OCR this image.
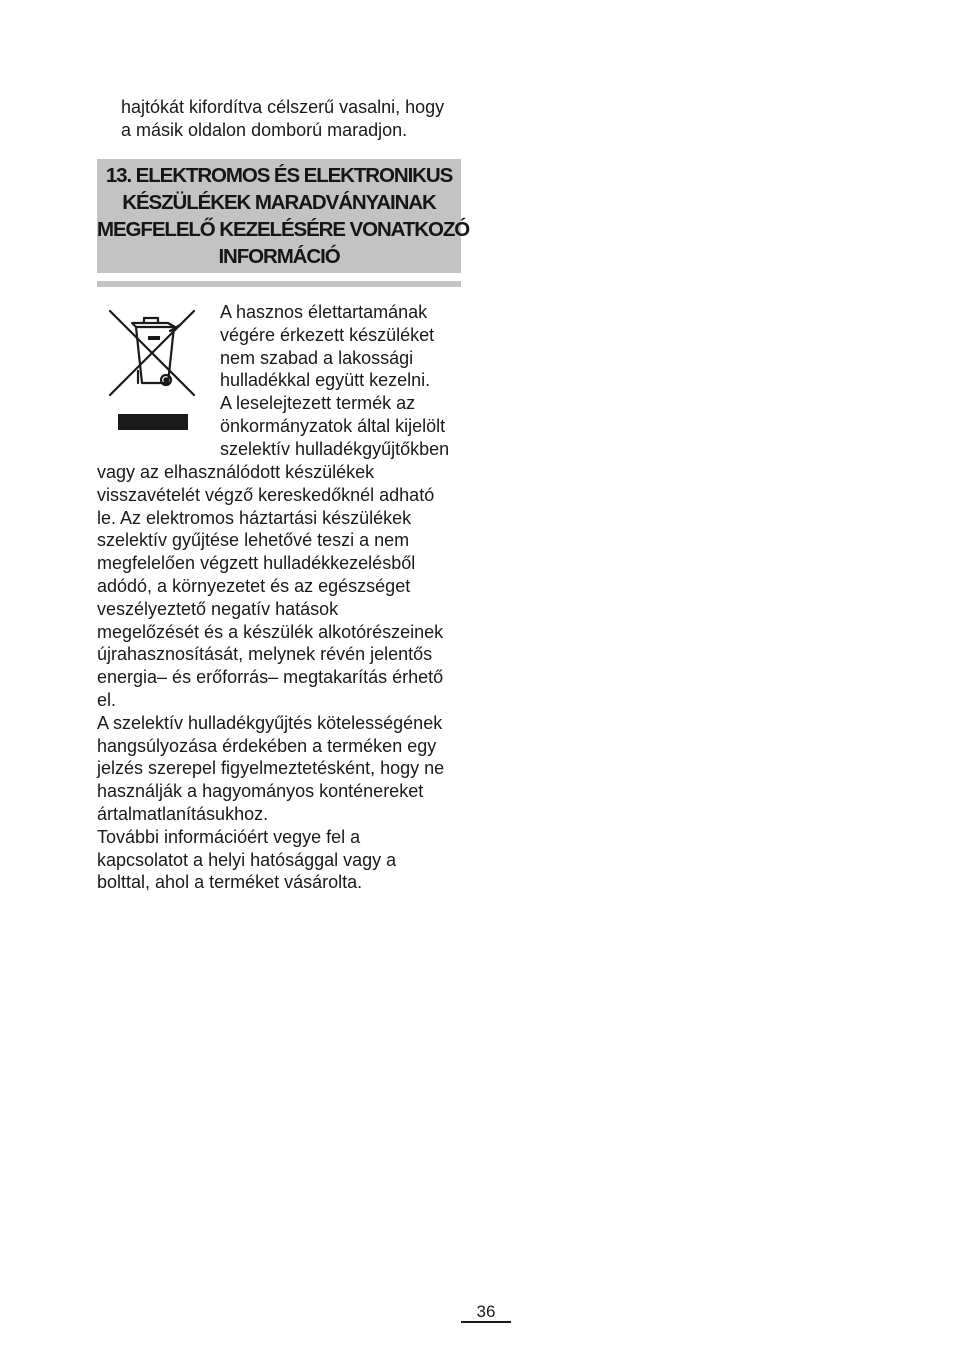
hajtókát kifordítva célszerű vasalni, hogy
a másik oldalon domború maradjon.
13. ELEKTROMOS ÉS ELEKTRONIKUS
KÉSZÜLÉKEK MARADVÁNYAINAK
MEGFELELŐ KEZELÉSÉRE VONATKOZÓ
INFORMÁCIÓ
A hasznos élettartamának
végére érkezett készüléket
nem szabad a lakossági
hulladékkal együtt kezelni.
A leselejtezett termék az
önkormányzatok által kijelölt
szelektív hulladékgyűjtőkben
vagy az elhasználódott készülékek
visszavételét végző kereskedőknél adható
le. Az elektromos háztartási készülékek
szelektív gyűjtése lehetővé teszi a nem
megfelelően végzett hulladékkezelésből
adódó, a környezetet és az egészséget
veszélyeztető negatív hatások
megelőzését és a készülék alkotórészeinek
újrahasznosítását, melynek révén jelentős
energia– és erőforrás– megtakarítás érhető
el.
A szelektív hulladékgyűjtés kötelességének
hangsúlyozása érdekében a terméken egy
jelzés szerepel figyelmeztetésként, hogy ne
használják a hagyományos konténereket
ártalmatlanításukhoz.
További információért vegye fel a
kapcsolatot a helyi hatósággal vagy a
bolttal, ahol a terméket vásárolta.
36
